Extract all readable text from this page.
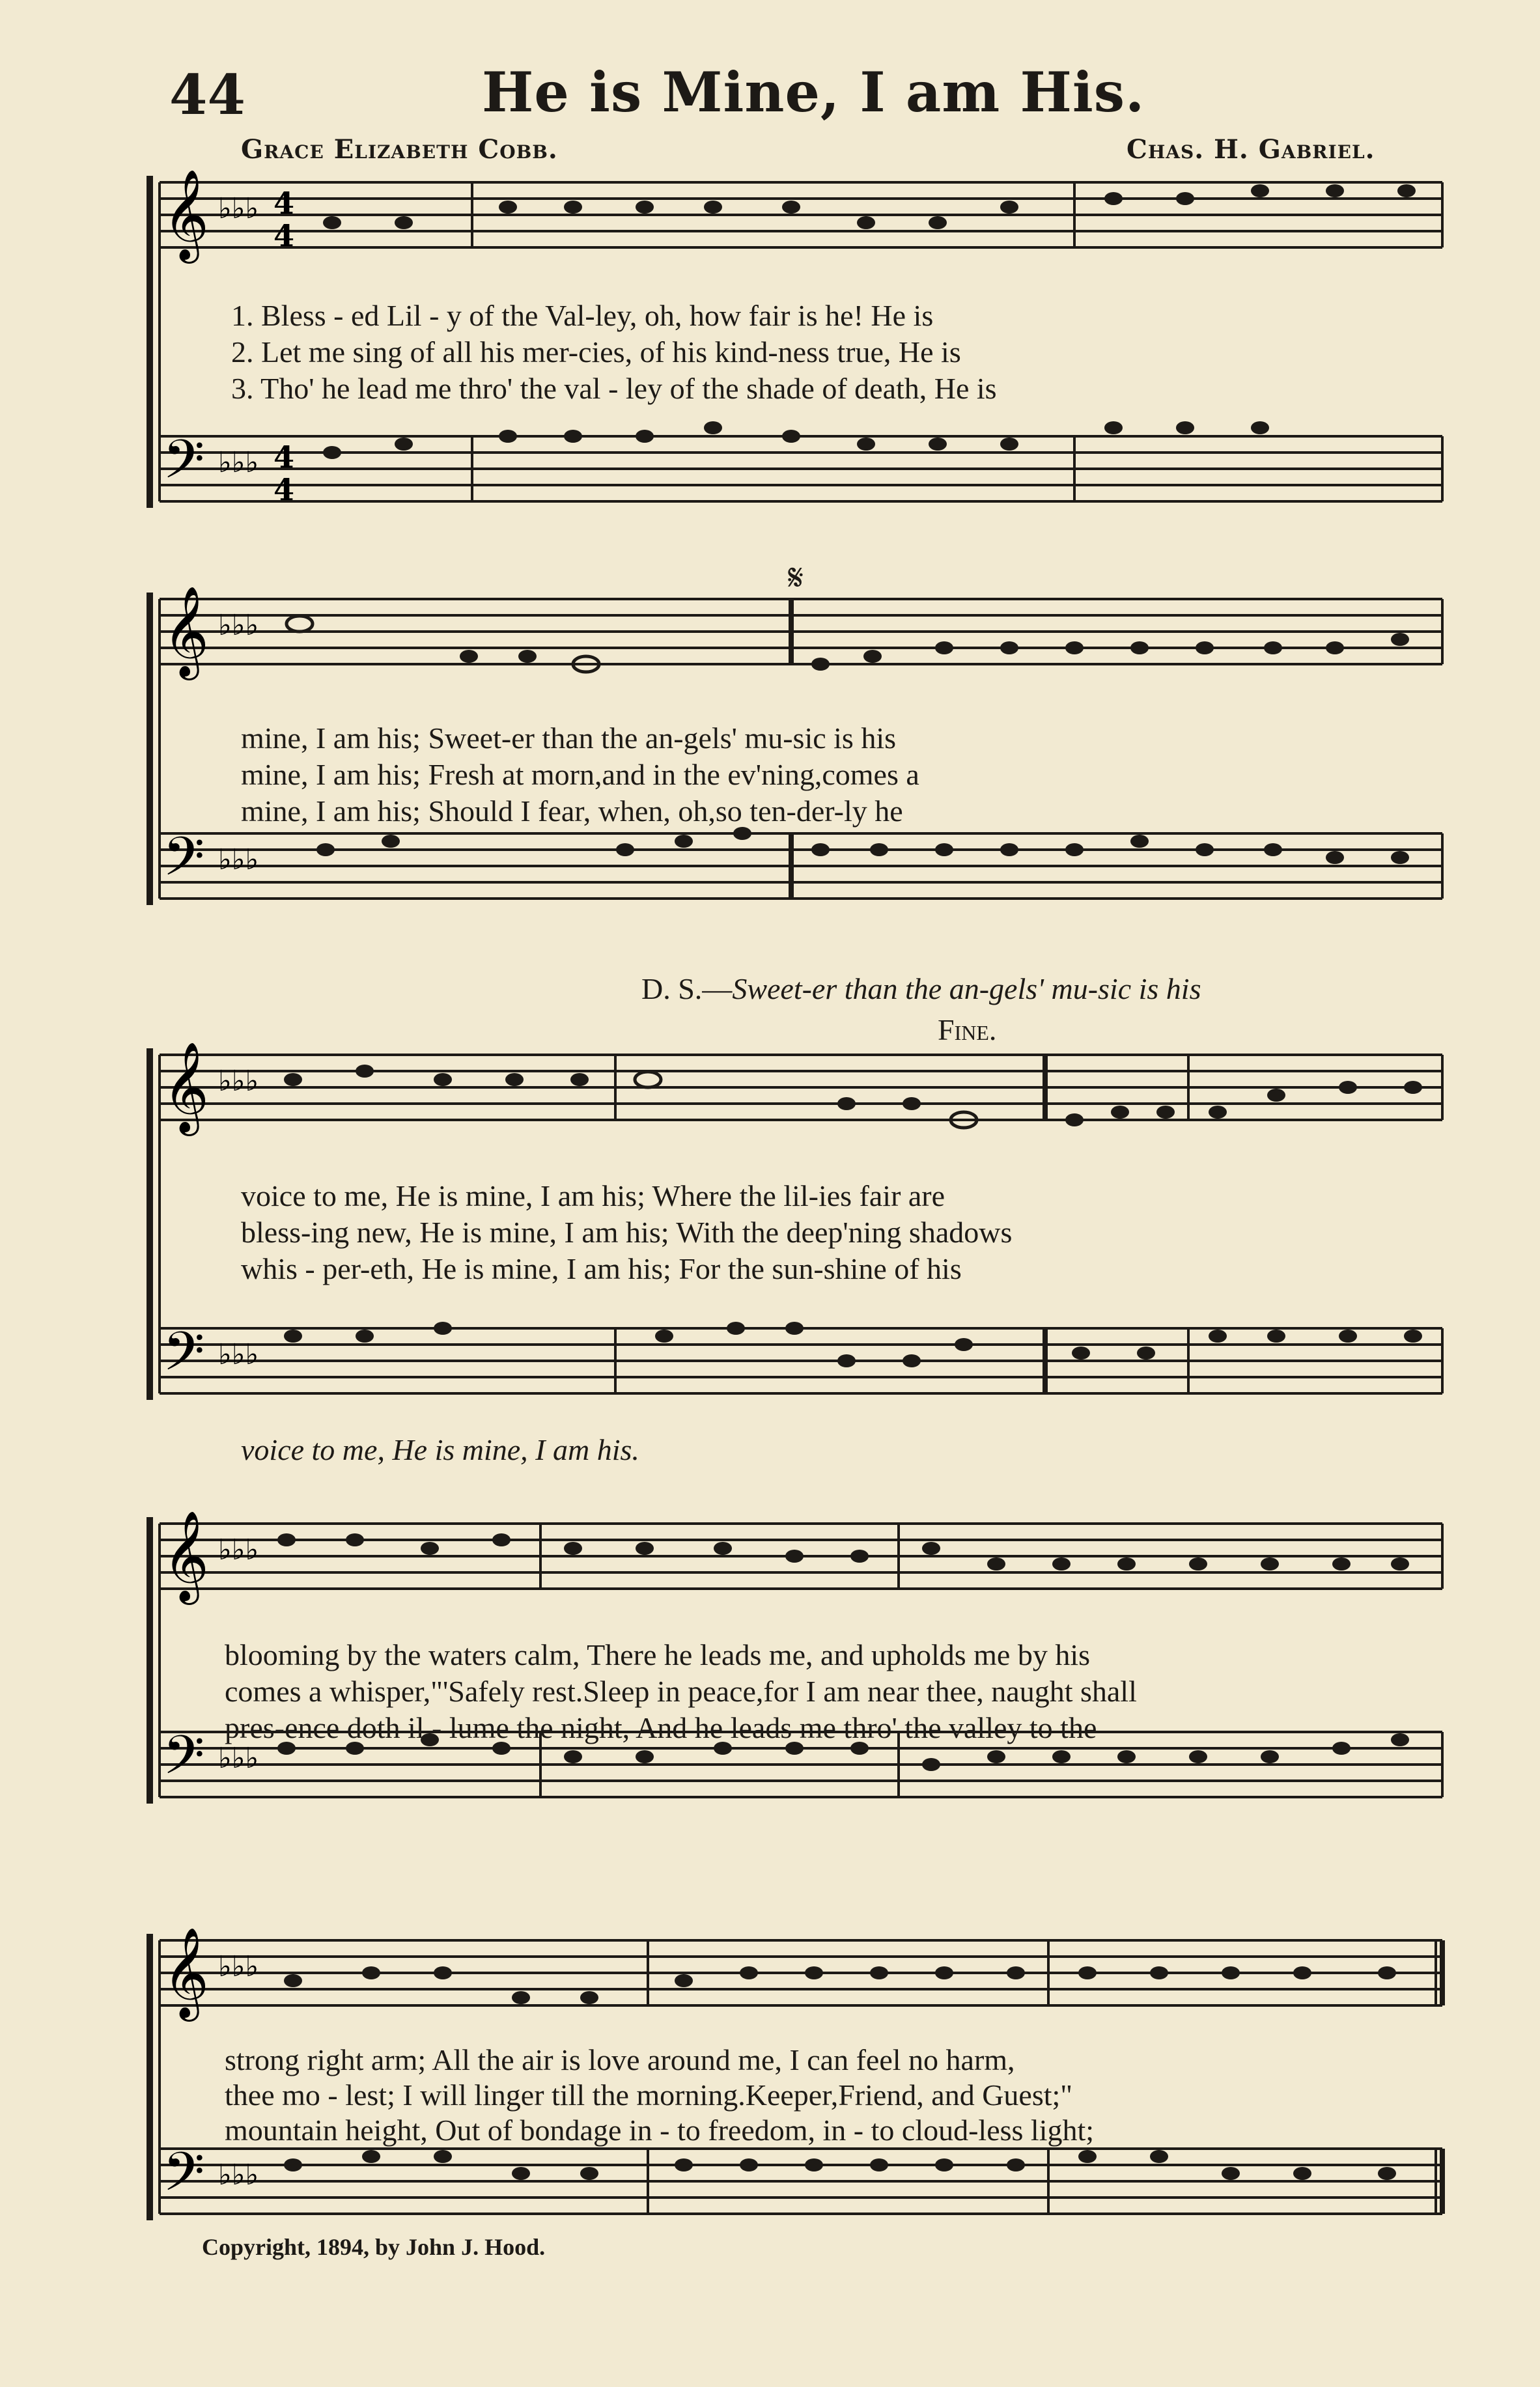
44	He is Mine, I am His.
Grace Elizabeth Cobb.	Chas. H. Gabriel.
𝄞
𝄢
♭♭♭
♭♭♭
4
4
4
4
1. Bless - ed Lil - y of the Val-ley, oh, how fair is he! He is
2. Let me sing of all his mer-cies, of his kind-ness true, He is
3. Tho' he lead me thro' the val - ley of the shade of death, He is
𝄋
𝄞
𝄢
♭♭♭
♭♭♭
mine, I am his; Sweet-er than the an-gels' mu-sic is his
mine, I am his; Fresh at morn,and in the ev'ning,comes a
mine, I am his; Should I fear, when, oh,so ten-der-ly he
D. S.—Sweet-er than the an-gels' mu-sic is his
Fine.
𝄞
𝄢
♭♭♭
♭♭♭
voice to me, He is mine, I am his; Where the lil-ies fair are
bless-ing new, He is mine, I am his; With the deep'ning shadows
whis - per-eth, He is mine, I am his; For the sun-shine of his
voice to me, He is mine, I am his.
𝄞
𝄢
♭♭♭
♭♭♭
blooming by the waters calm, There he leads me, and upholds me by his
comes a whisper,"'Safely rest.Sleep in peace,for I am near thee, naught shall
pres-ence doth il - lume the night, And he leads me thro' the valley to the
𝄞
𝄢
♭♭♭
♭♭♭
strong right arm; All the air is love around me, I can feel no harm,
thee mo - lest; I will linger till the morning.Keeper,Friend, and Guest;"
mountain height, Out of bondage in - to freedom, in - to cloud-less light;
Copyright, 1894, by John J. Hood.
